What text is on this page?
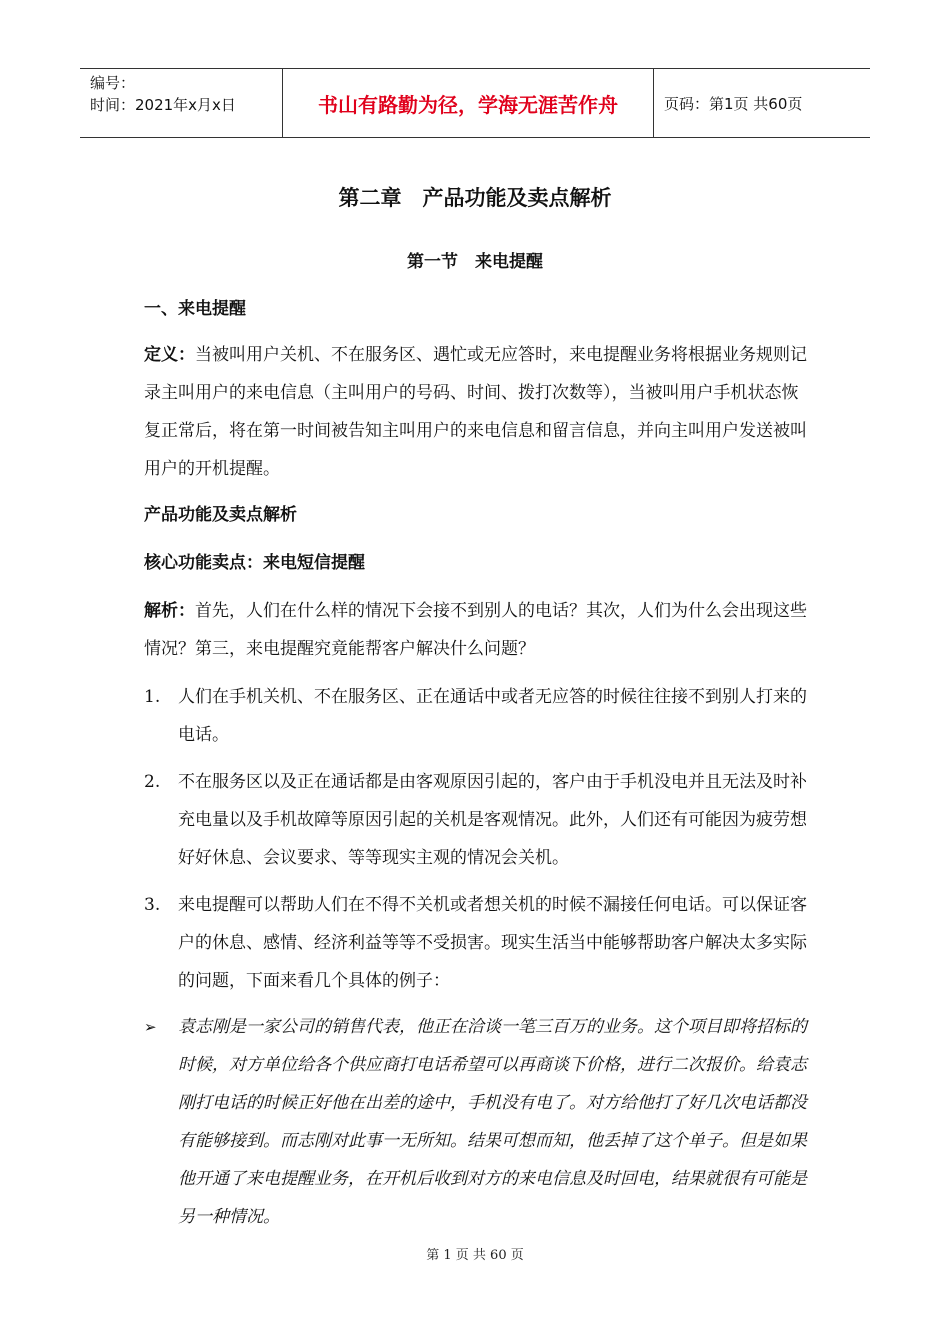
编号：
时间：2021年x月x日	书山有路勤为径，学海无涯苦作舟	页码：第1页 共60页
第二章　产品功能及卖点解析
第一节　来电提醒
一、来电提醒
定义：当被叫用户关机、不在服务区、遇忙或无应答时，来电提醒业务将根据业务规则记录主叫用户的来电信息（主叫用户的号码、时间、拨打次数等），当被叫用户手机状态恢复正常后，将在第一时间被告知主叫用户的来电信息和留言信息，并向主叫用户发送被叫用户的开机提醒。
产品功能及卖点解析
核心功能卖点：来电短信提醒
解析：首先，人们在什么样的情况下会接不到别人的电话？其次，人们为什么会出现这些情况？第三，来电提醒究竟能帮客户解决什么问题？
1. 人们在手机关机、不在服务区、正在通话中或者无应答的时候往往接不到别人打来的电话。
2. 不在服务区以及正在通话都是由客观原因引起的，客户由于手机没电并且无法及时补充电量以及手机故障等原因引起的关机是客观情况。此外，人们还有可能因为疲劳想好好休息、会议要求、等等现实主观的情况会关机。
3. 来电提醒可以帮助人们在不得不关机或者想关机的时候不漏接任何电话。可以保证客户的休息、感情、经济利益等等不受损害。现实生活当中能够帮助客户解决太多实际的问题，下面来看几个具体的例子：
➢ 袁志刚是一家公司的销售代表，他正在洽谈一笔三百万的业务。这个项目即将招标的时候，对方单位给各个供应商打电话希望可以再商谈下价格，进行二次报价。给袁志刚打电话的时候正好他在出差的途中，手机没有电了。对方给他打了好几次电话都没有能够接到。而志刚对此事一无所知。结果可想而知，他丢掉了这个单子。但是如果他开通了来电提醒业务，在开机后收到对方的来电信息及时回电，结果就很有可能是另一种情况。
第 1 页 共 60 页
